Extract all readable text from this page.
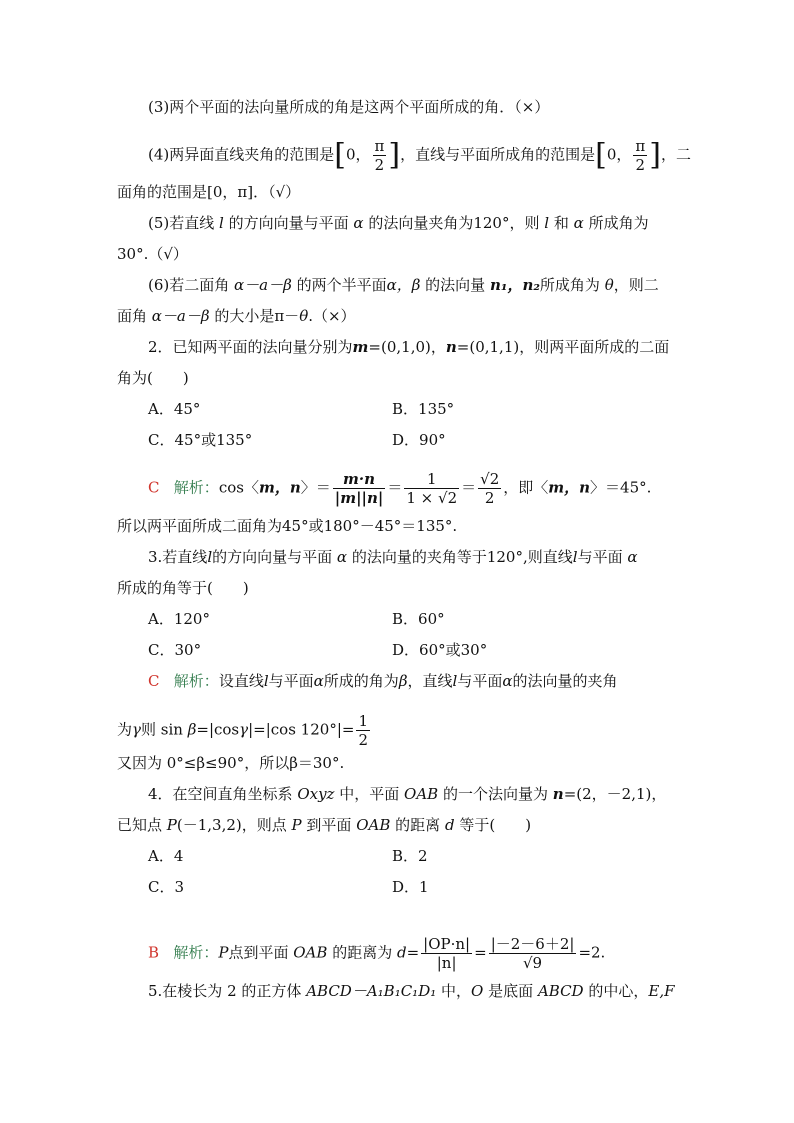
(3)两个平面的法向量所成的角是这两个平面所成的角．（×）
(4)两异面直线夹角的范围是[0， $\frac{\pi}{2}$ ]，直线与平面所成角的范围是[0， $\frac{\pi}{2}$ ]，二
面角的范围是[0，π]．（√）
(5)若直线 l 的方向向量与平面 α 的法向量夹角为120°，则 l 和 α 所成角为
30°.（√）
(6)若二面角 α－a－β 的两个半平面α，β 的法向量 n₁，n₂所成角为 θ，则二
面角 α－a－β 的大小是π－θ.（×）
2．已知两平面的法向量分别为m=(0,1,0)，n=(0,1,1)，则两平面所成的二面
角为(　　)
A．45°	B．135°
C．45°或135°	D．90°
C 解析：cos〈m，n〉＝ $\frac{m\cdot n}{|m||n|} = \frac{1}{1 \times √2} = \frac{√2}{2}$ ，即〈m，n〉＝45°.
所以两平面所成二面角为45°或180°－45°＝135°.
3.若直线l的方向向量与平面 α 的法向量的夹角等于120°,则直线l与平面 α
所成的角等于(　　)
A．120°	B．60°
C．30°	D．60°或30°
C 解析：设直线l与平面α所成的角为β，直线l与平面α的法向量的夹角
为γ则 sin β=|cosγ|=|cos $120^\circ|= \frac{1}{2}$
又因为 0°≤β≤90°，所以β＝30°.
4．在空间直角坐标系 Oxyz 中，平面 OAB 的一个法向量为 n=(2，－2,1)，
已知点 P(－1,3,2)，则点 P 到平面 OAB 的距离 d 等于(　　)
A．4	B．2
C．3	D．1
B 解析：P点到平面 OAB 的距离为 $d= \frac{|OP\cdot n|}{|n|} = \frac{|-2-6+2|}{√9} =2$.
5.在棱长为 2 的正方体 ABCD－A₁B₁C₁D₁ 中，O 是底面 ABCD 的中心，E,F
